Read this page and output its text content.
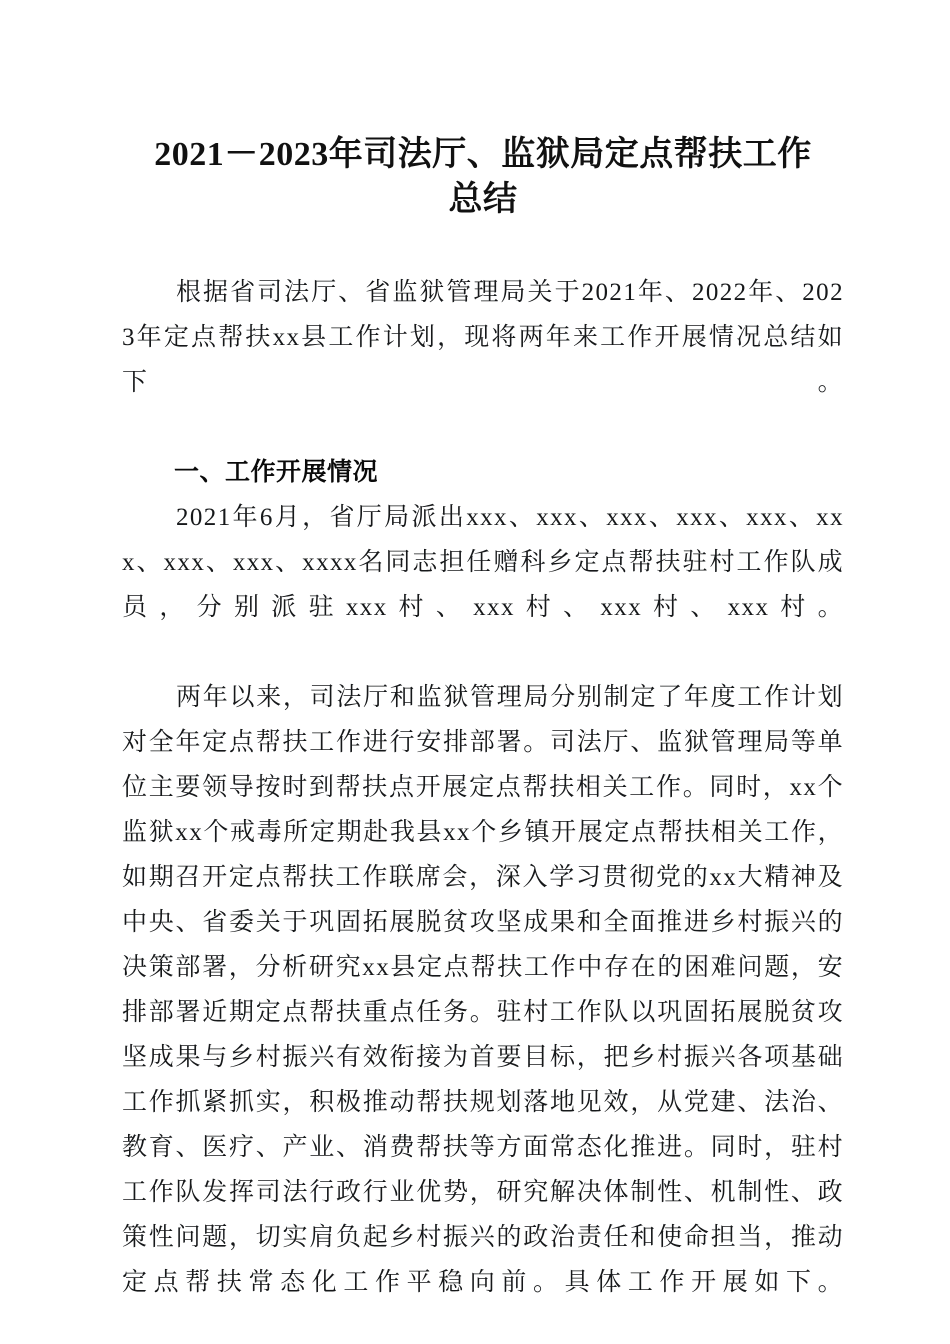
2021－2023年司法厅、监狱局定点帮扶工作
总结

根据省司法厅、省监狱管理局关于2021年、2022年、2023年定点帮扶xx县工作计划，现将两年来工作开展情况总结如下。

一、工作开展情况

2021年6月，省厅局派出xxx、xxx、xxx、xxx、xxx、xxx、xxx、xxx、xxxx名同志担任赠科乡定点帮扶驻村工作队成员，分别派驻xxx村、xxx村、xxx村、xxx村。

两年以来，司法厅和监狱管理局分别制定了年度工作计划对全年定点帮扶工作进行安排部署。司法厅、监狱管理局等单位主要领导按时到帮扶点开展定点帮扶相关工作。同时，xx个监狱xx个戒毒所定期赴我县xx个乡镇开展定点帮扶相关工作，如期召开定点帮扶工作联席会，深入学习贯彻党的xx大精神及中央、省委关于巩固拓展脱贫攻坚成果和全面推进乡村振兴的决策部署，分析研究xx县定点帮扶工作中存在的困难问题，安排部署近期定点帮扶重点任务。驻村工作队以巩固拓展脱贫攻坚成果与乡村振兴有效衔接为首要目标，把乡村振兴各项基础工作抓紧抓实，积极推动帮扶规划落地见效，从党建、法治、教育、医疗、产业、消费帮扶等方面常态化推进。同时，驻村工作队发挥司法行政行业优势，研究解决体制性、机制性、政策性问题，切实肩负起乡村振兴的政治责任和使命担当，推动定点帮扶常态化工作平稳向前。具体工作开展如下。
